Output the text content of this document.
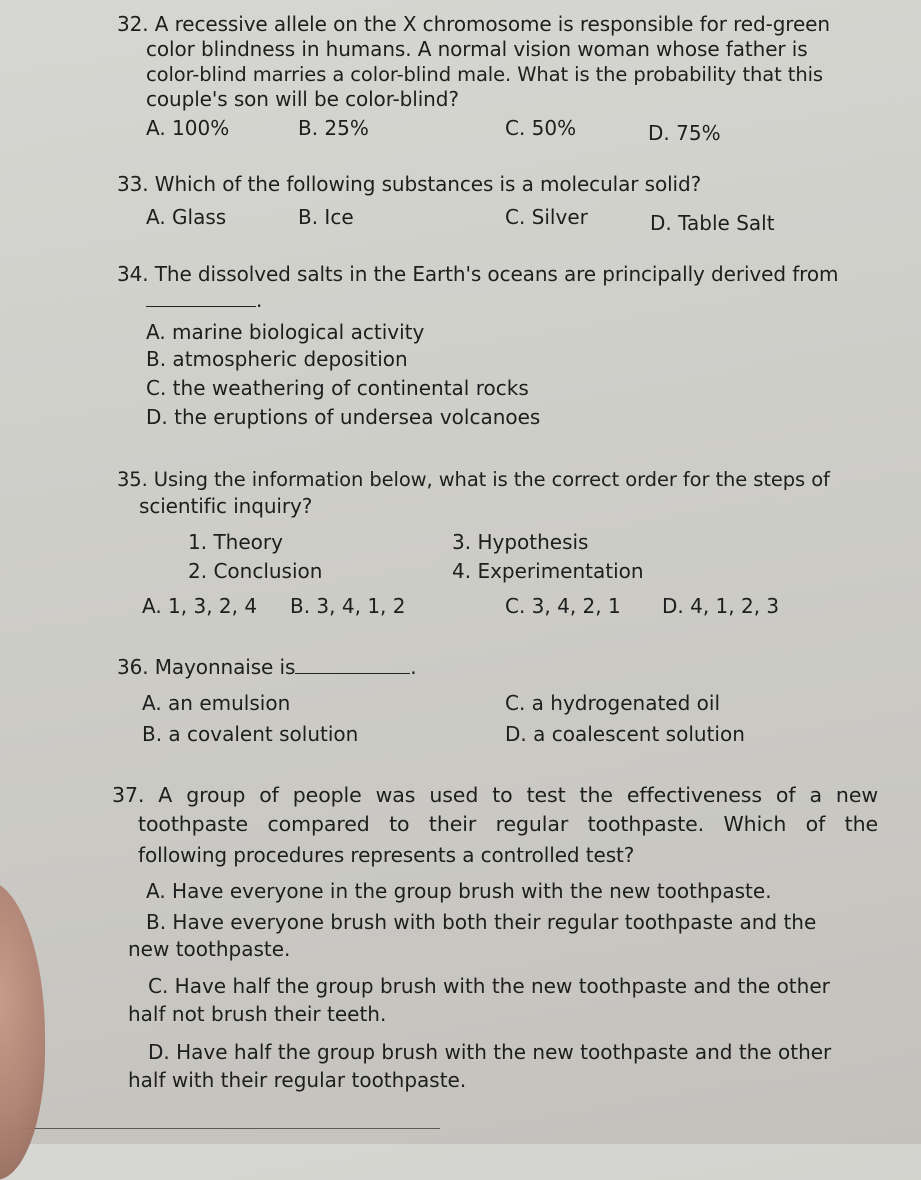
32. A recessive allele on the X chromosome is responsible for red-green
color blindness in humans. A normal vision woman whose father is
color-blind marries a color-blind male. What is the probability that this
couple's son will be color-blind?
A. 100%	B. 25%	C. 50%	D. 75%
33. Which of the following substances is a molecular solid?
A. Glass	B. Ice	C. Silver	D. Table Salt
34. The dissolved salts in the Earth's oceans are principally derived from
.
A. marine biological activity
B. atmospheric deposition
C. the weathering of continental rocks
D. the eruptions of undersea volcanoes
35. Using the information below, what is the correct order for the steps of
scientific inquiry?
1. Theory	3. Hypothesis
2. Conclusion	4. Experimentation
A. 1, 3, 2, 4 B. 3, 4, 1, 2	C. 3, 4, 2, 1 D. 4, 1, 2, 3
36. Mayonnaise is	.
A. an emulsion	C. a hydrogenated oil
B. a covalent solution	D. a coalescent solution
37. A group of people was used to test the effectiveness of a new
toothpaste compared to their regular toothpaste. Which of the
following procedures represents a controlled test?
A. Have everyone in the group brush with the new toothpaste.
B. Have everyone brush with both their regular toothpaste and the
new toothpaste.
C. Have half the group brush with the new toothpaste and the other
half not brush their teeth.
D. Have half the group brush with the new toothpaste and the other
half with their regular toothpaste.
